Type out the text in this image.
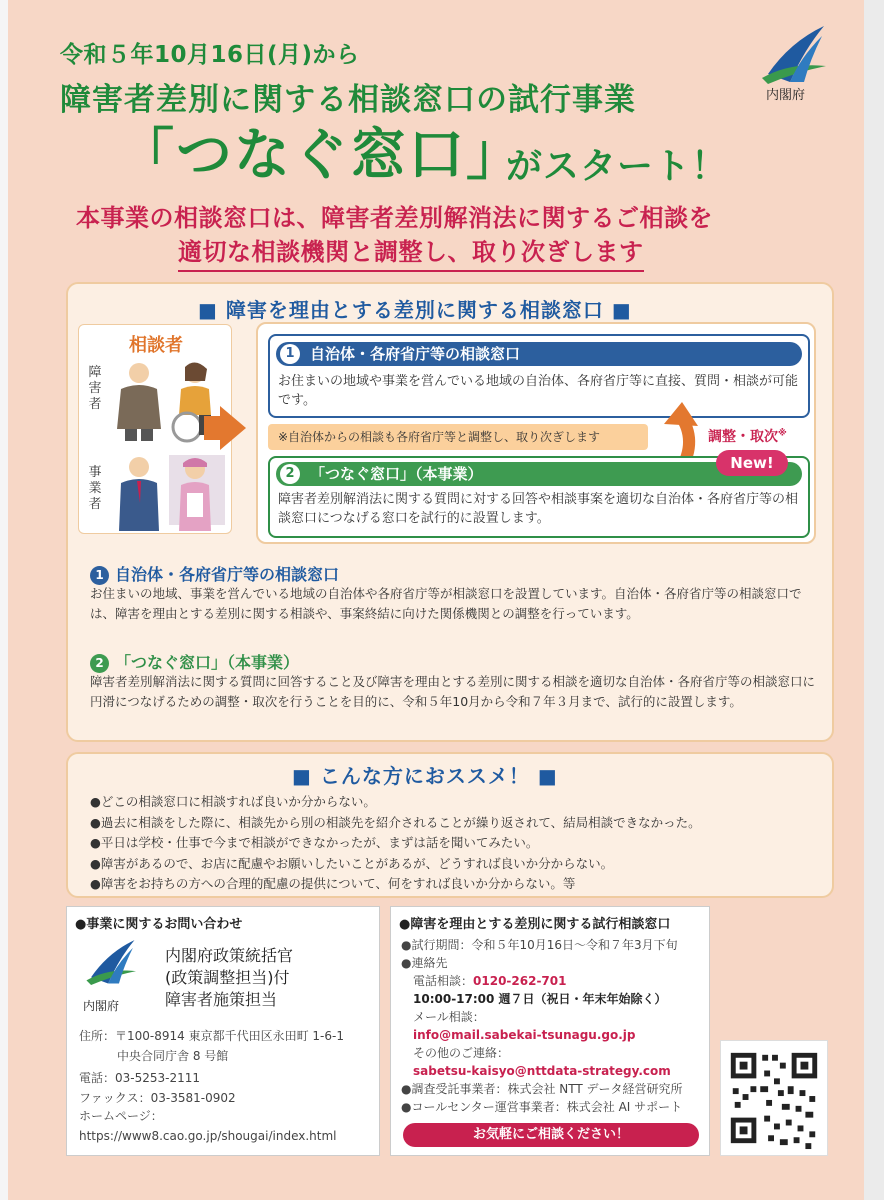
令和５年10月16日(月)から
障害者差別に関する相談窓口の試行事業
「つなぐ窓口」
がスタート！
内閣府
本事業の相談窓口は、障害者差別解消法に関するご相談を
適切な相談機関と調整し、取り次ぎします
■ 障害を理由とする差別に関する相談窓口 ■
相談者
障害者
事業者
1	自治体・各府省庁等の相談窓口
お住まいの地域や事業を営んでいる地域の自治体、各府省庁等に直接、質問・相談が可能です。
※自治体からの相談も各府省庁等と調整し、取り次ぎします	調整・取次※
2	「つなぐ窓口」（本事業）
障害者差別解消法に関する質問に対する回答や相談事案を適切な自治体・各府省庁等の相談窓口につなげる窓口を試行的に設置します。
New!
1 自治体・各府省庁等の相談窓口
お住まいの地域、事業を営んでいる地域の自治体や各府省庁等が相談窓口を設置しています。自治体・各府省庁等の相談窓口では、障害を理由とする差別に関する相談や、事案終結に向けた関係機関との調整を行っています。
2 「つなぐ窓口」（本事業）
障害者差別解消法に関する質問に回答すること及び障害を理由とする差別に関する相談を適切な自治体・各府省庁等の相談窓口に円滑につなげるための調整・取次を行うことを目的に、令和５年10月から令和７年３月まで、試行的に設置します。
■ こんな方におススメ！ ■
●どこの相談窓口に相談すれば良いか分からない。
●過去に相談をした際に、相談先から別の相談先を紹介されることが繰り返されて、結局相談できなかった。
●平日は学校・仕事で今まで相談ができなかったが、まずは話を聞いてみたい。
●障害があるので、お店に配慮やお願いしたいことがあるが、どうすれば良いか分からない。
●障害をお持ちの方への合理的配慮の提供について、何をすれば良いか分からない。等
●事業に関するお問い合わせ
内閣府
内閣府政策統括官
(政策調整担当)付
障害者施策担当
住所：〒100-8914 東京都千代田区永田町 1-6-1
中央合同庁舎 8 号館
電話：03-5253-2111
ファックス：03-3581-0902
ホームページ：
https://www8.cao.go.jp/shougai/index.html
●障害を理由とする差別に関する試行相談窓口
●試行期間：令和５年10月16日～令和７年3月下旬
●連絡先
電話相談：0120-262-701
10:00-17:00 週７日（祝日・年末年始除く）
メール相談：
info@mail.sabekai-tsunagu.go.jp
その他のご連絡：
sabetsu-kaisyo@nttdata-strategy.com
●調査受託事業者：株式会社 NTT データ経営研究所
●コールセンター運営事業者：株式会社 AI サポート
お気軽にご相談ください！
